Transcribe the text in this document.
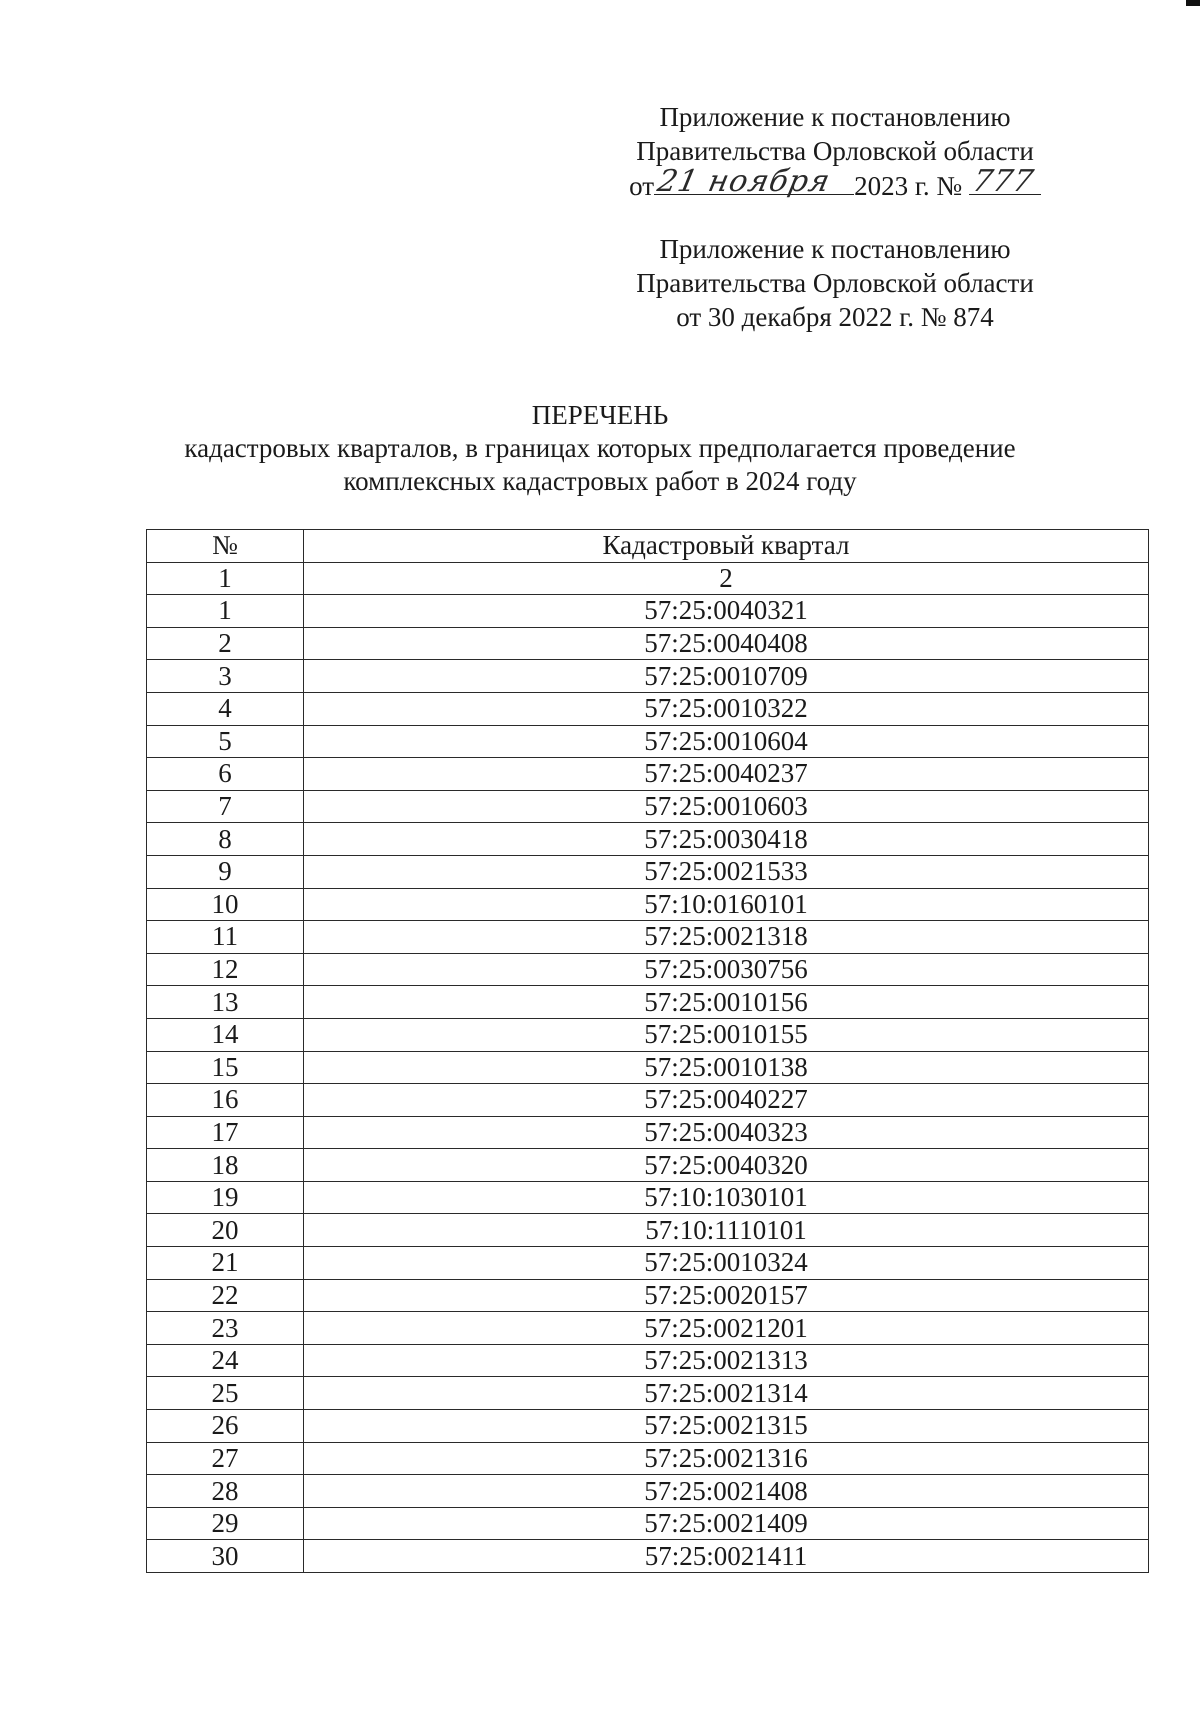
Приложение к постановлению
Правительства Орловской области
от 21 ноября 2023 г. № 777
Приложение к постановлению
Правительства Орловской области
от 30 декабря 2022 г. № 874
ПЕРЕЧЕНЬ
кадастровых кварталов, в границах которых предполагается проведение
комплексных кадастровых работ в 2024 году
№	Кадастровый квартал
1	2
1	57:25:0040321
2	57:25:0040408
3	57:25:0010709
4	57:25:0010322
5	57:25:0010604
6	57:25:0040237
7	57:25:0010603
8	57:25:0030418
9	57:25:0021533
10	57:10:0160101
11	57:25:0021318
12	57:25:0030756
13	57:25:0010156
14	57:25:0010155
15	57:25:0010138
16	57:25:0040227
17	57:25:0040323
18	57:25:0040320
19	57:10:1030101
20	57:10:1110101
21	57:25:0010324
22	57:25:0020157
23	57:25:0021201
24	57:25:0021313
25	57:25:0021314
26	57:25:0021315
27	57:25:0021316
28	57:25:0021408
29	57:25:0021409
30	57:25:0021411
